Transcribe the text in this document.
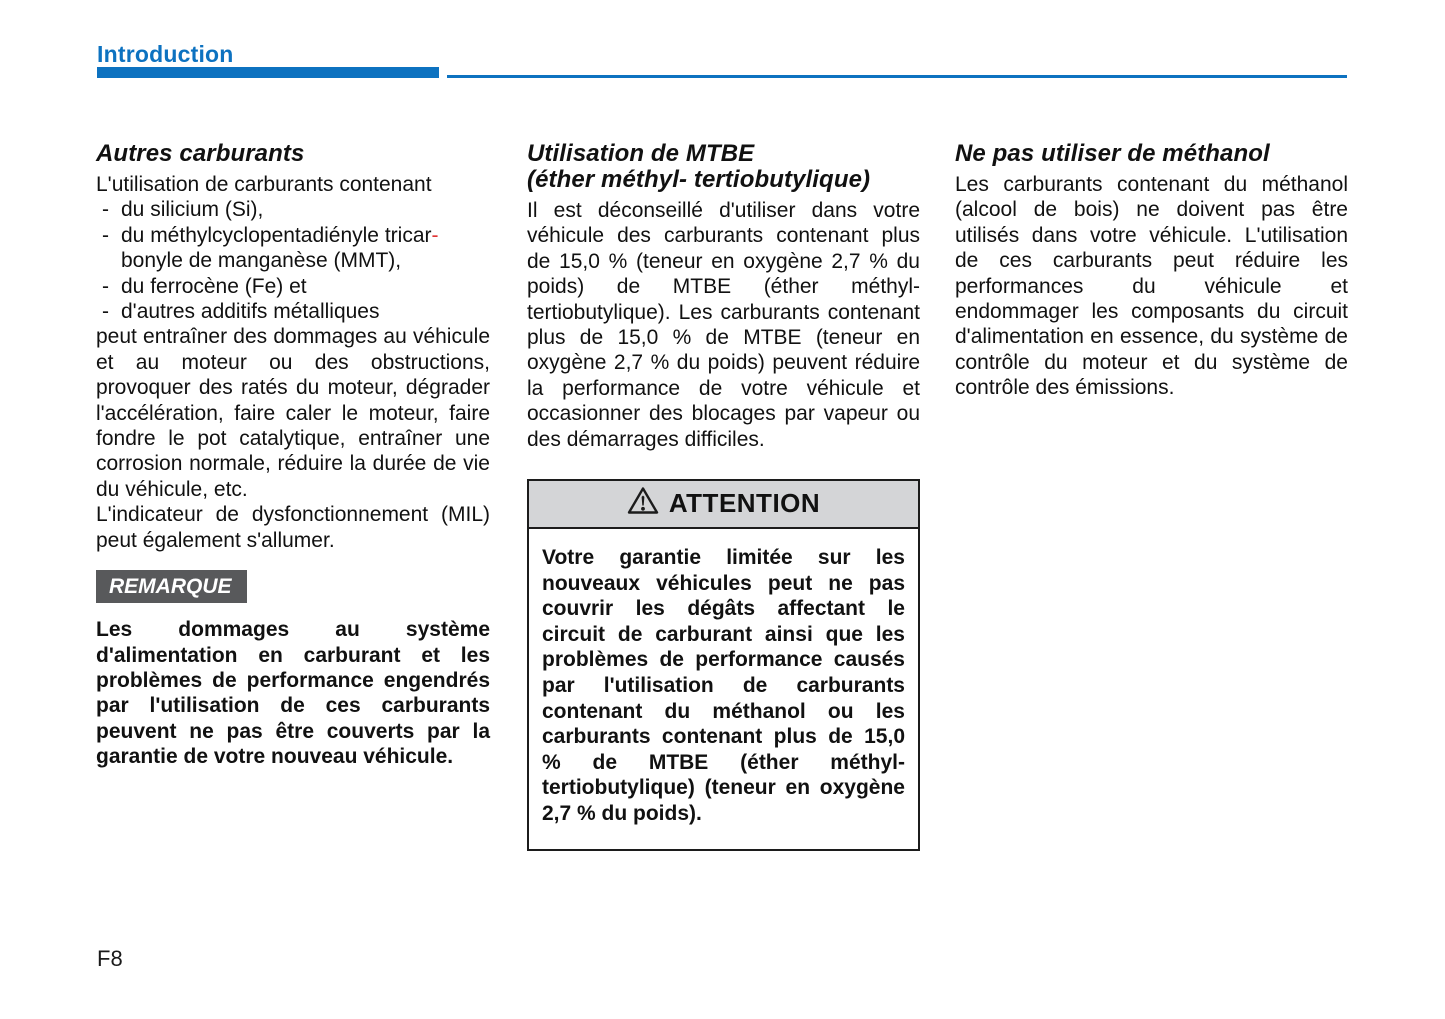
Introduction
Autres carburants

L'utilisation de carburants contenant

- du silicium (Si),
- du méthylcyclopentadiényle tricar-
bonyle de manganèse (MMT),
- du ferrocène (Fe) et
- d'autres additifs métalliques

peut entraîner des dommages au véhicule et au moteur ou des obstructions, provoquer des ratés du moteur, dégrader l'accélération, faire caler le moteur, faire fondre le pot catalytique, entraîner une corrosion normale, réduire la durée de vie du véhicule, etc.

L'indicateur de dysfonctionnement (MIL) peut également s'allumer.

REMARQUE

Les dommages au système d'alimentation en carburant et les problèmes de performance engendrés par l'utilisation de ces carburants peuvent ne pas être couverts par la garantie de votre nouveau véhicule.

Utilisation de MTBE
(éther méthyl- tertiobutylique)

Il est déconseillé d'utiliser dans votre véhicule des carburants contenant plus de 15,0 % (teneur en oxygène 2,7 % du poids) de MTBE (éther méthyl- tertiobutylique). Les carburants contenant plus de 15,0 % de MTBE (teneur en oxygène 2,7 % du poids) peuvent réduire la performance de votre véhicule et occasionner des blocages par vapeur ou des démarrages difficiles.

ATTENTION

Votre garantie limitée sur les nouveaux véhicules peut ne pas couvrir les dégâts affectant le circuit de carburant ainsi que les problèmes de performance causés par l'utilisation de carburants contenant du méthanol ou les carburants contenant plus de 15,0 % de MTBE (éther méthyl-tertiobutylique) (teneur en oxygène 2,7 % du poids).

Ne pas utiliser de méthanol

Les carburants contenant du méthanol (alcool de bois) ne doivent pas être utilisés dans votre véhicule. L'utilisation de ces carburants peut réduire les performances du véhicule et endommager les composants du circuit d'alimentation en essence, du système de contrôle du moteur et du système de contrôle des émissions.

F8
